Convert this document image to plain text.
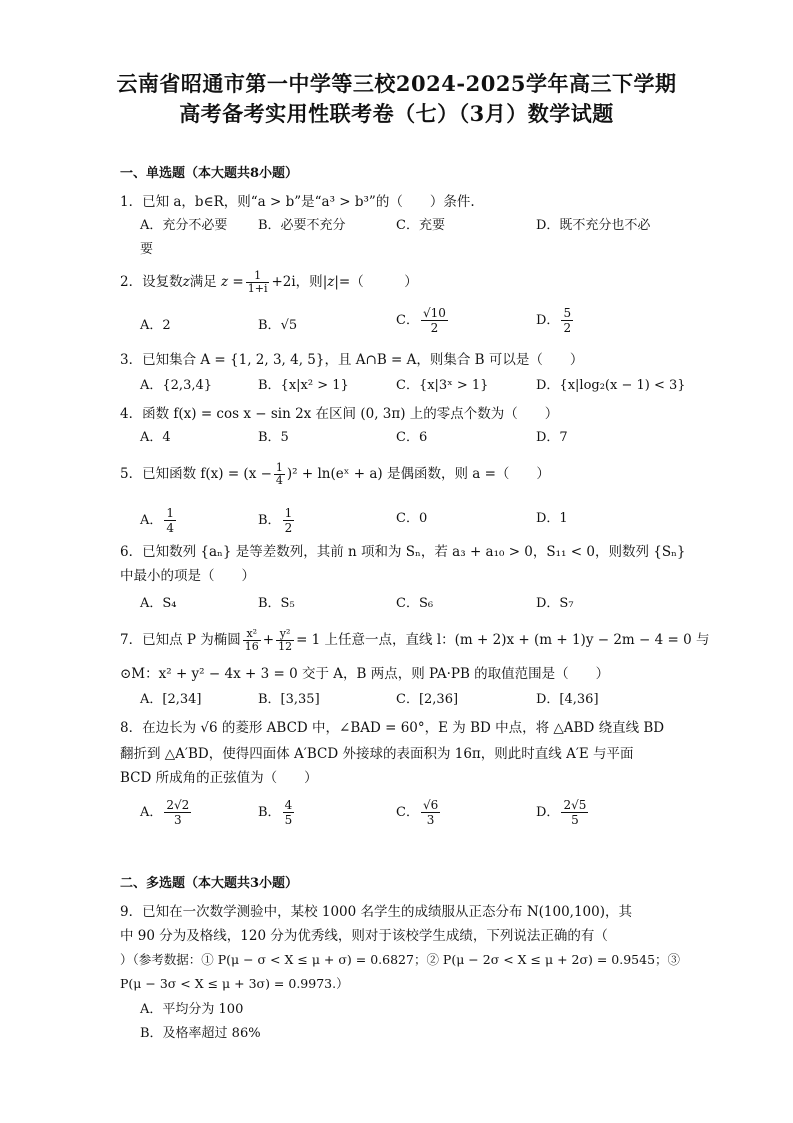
云南省昭通市第一中学等三校2024-2025学年高三下学期
高考备考实用性联考卷（七）（3月）数学试题
一、单选题（本大题共8小题）
1．已知 a，b∈R，则“a > b”是“a³ > b³”的（　　）条件.
A．充分不必要 B．必要不充分	C．充要	D．既不充分也不必
要
2．设复数z满足 $z = \frac{1}{1+i} +2i$，则|z|=（　　　）
A．2	B．√5	C． $\frac{√10}{2}$	D． $\frac{5}{2}$
3．已知集合 A = {1, 2, 3, 4, 5}，且 A∩B = A，则集合 B 可以是（　　）
A．{2,3,4}	B．{x|x² > 1}	C．{x|3ˣ > 1}	D．{x|log₂(x − 1) < 3}
4．函数 f(x) = cos x − sin 2x 在区间 (0, 3π) 上的零点个数为（　　）
A．4	B．5	C．6	D．7
5．已知函数 $f(x) = (x - \frac{1}{4} )^2$ + ln(eˣ + a) 是偶函数，则 a =（　　）
A． $\frac{1}{4}$	B． $\frac{1}{2}$	C．0	D．1
6．已知数列 {aₙ} 是等差数列，其前 n 项和为 Sₙ，若 a₃ + a₁₀ > 0，S₁₁ < 0，则数列 {Sₙ}
中最小的项是（　　）
A．S₄	B．S₅	C．S₆	D．S₇
7．已知点 P 为椭圆 $\frac{\text{x²}}{16} + \frac{\text{y²}}{12} = 1$ 上任意一点，直线 l：(m + 2)x + (m + 1)y − 2m − 4 = 0 与
⊙M：x² + y² − 4x + 3 = 0 交于 A，B 两点，则 PA·PB 的取值范围是（　　）
A．[2,34]	B．[3,35]	C．[2,36]	D．[4,36]
8．在边长为 √6 的菱形 ABCD 中，∠BAD = 60°，E 为 BD 中点，将 △ABD 绕直线 BD
翻折到 △A′BD，使得四面体 A′BCD 外接球的表面积为 16π，则此时直线 A′E 与平面
BCD 所成角的正弦值为（　　）
A． $\frac{2√2}{3}$	B． $\frac{4}{5}$	C． $\frac{√6}{3}$	D． $\frac{2√5}{5}$
二、多选题（本大题共3小题）
9．已知在一次数学测验中，某校 1000 名学生的成绩服从正态分布 N(100,100)，其
中 90 分为及格线，120 分为优秀线，则对于该校学生成绩，下列说法正确的有（
）（参考数据：① P(μ − σ < X ≤ μ + σ) = 0.6827；② P(μ − 2σ < X ≤ μ + 2σ) = 0.9545；③
P(μ − 3σ < X ≤ μ + 3σ) = 0.9973.）
A．平均分为 100
B．及格率超过 86%
